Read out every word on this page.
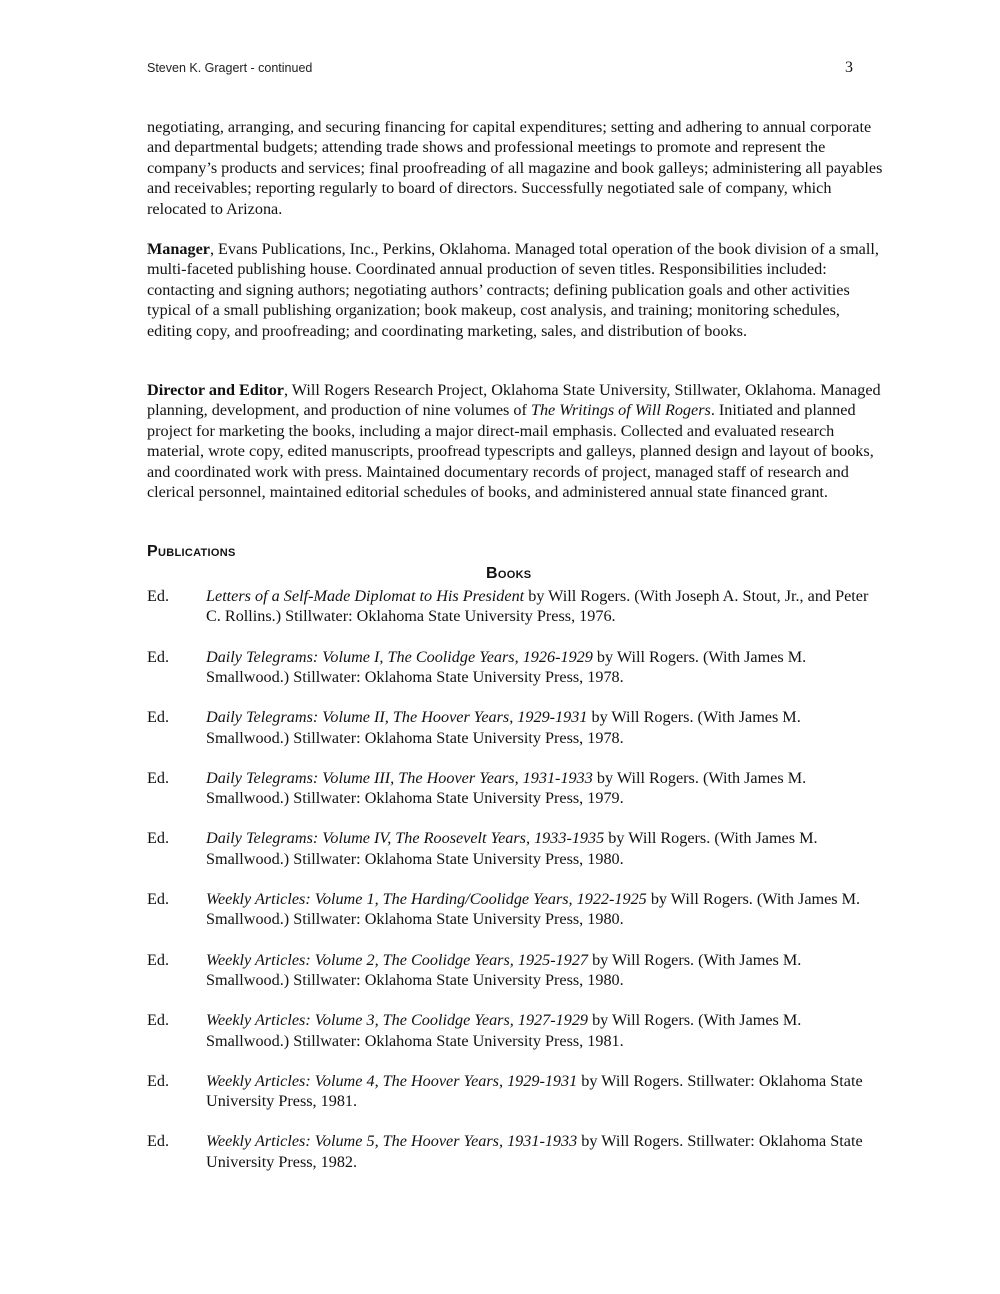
Steven K. Gragert - continued	3

negotiating, arranging, and securing financing for capital expenditures; setting and adhering to annual corporate and departmental budgets; attending trade shows and professional meetings to promote and represent the company’s products and services; final proofreading of all magazine and book galleys; administering all payables and receivables; reporting regularly to board of directors. Successfully negotiated sale of company, which relocated to Arizona.

Manager, Evans Publications, Inc., Perkins, Oklahoma. Managed total operation of the book division of a small, multi-faceted publishing house. Coordinated annual production of seven titles. Responsibilities included: contacting and signing authors; negotiating authors’ contracts; defining publication goals and other activities typical of a small publishing organization; book makeup, cost analysis, and training; monitoring schedules, editing copy, and proofreading; and coordinating marketing, sales, and distribution of books.

Director and Editor, Will Rogers Research Project, Oklahoma State University, Stillwater, Oklahoma. Managed planning, development, and production of nine volumes of The Writings of Will Rogers. Initiated and planned project for marketing the books, including a major direct-mail emphasis. Collected and evaluated research material, wrote copy, edited manuscripts, proofread typescripts and galleys, planned design and layout of books, and coordinated work with press. Maintained documentary records of project, managed staff of research and clerical personnel, maintained editorial schedules of books, and administered annual state financed grant.

Publications
Books
Ed. Letters of a Self-Made Diplomat to His President by Will Rogers. (With Joseph A. Stout, Jr., and Peter C. Rollins.) Stillwater: Oklahoma State University Press, 1976.
Ed. Daily Telegrams: Volume I, The Coolidge Years, 1926-1929 by Will Rogers. (With James M. Smallwood.) Stillwater: Oklahoma State University Press, 1978.
Ed. Daily Telegrams: Volume II, The Hoover Years, 1929-1931 by Will Rogers. (With James M. Smallwood.) Stillwater: Oklahoma State University Press, 1978.
Ed. Daily Telegrams: Volume III, The Hoover Years, 1931-1933 by Will Rogers. (With James M. Smallwood.) Stillwater: Oklahoma State University Press, 1979.
Ed. Daily Telegrams: Volume IV, The Roosevelt Years, 1933-1935 by Will Rogers. (With James M. Smallwood.) Stillwater: Oklahoma State University Press, 1980.
Ed. Weekly Articles: Volume 1, The Harding/Coolidge Years, 1922-1925 by Will Rogers. (With James M. Smallwood.) Stillwater: Oklahoma State University Press, 1980.
Ed. Weekly Articles: Volume 2, The Coolidge Years, 1925-1927 by Will Rogers. (With James M. Smallwood.) Stillwater: Oklahoma State University Press, 1980.
Ed. Weekly Articles: Volume 3, The Coolidge Years, 1927-1929 by Will Rogers. (With James M. Smallwood.) Stillwater: Oklahoma State University Press, 1981.
Ed. Weekly Articles: Volume 4, The Hoover Years, 1929-1931 by Will Rogers. Stillwater: Oklahoma State University Press, 1981.
Ed. Weekly Articles: Volume 5, The Hoover Years, 1931-1933 by Will Rogers. Stillwater: Oklahoma State University Press, 1982.
